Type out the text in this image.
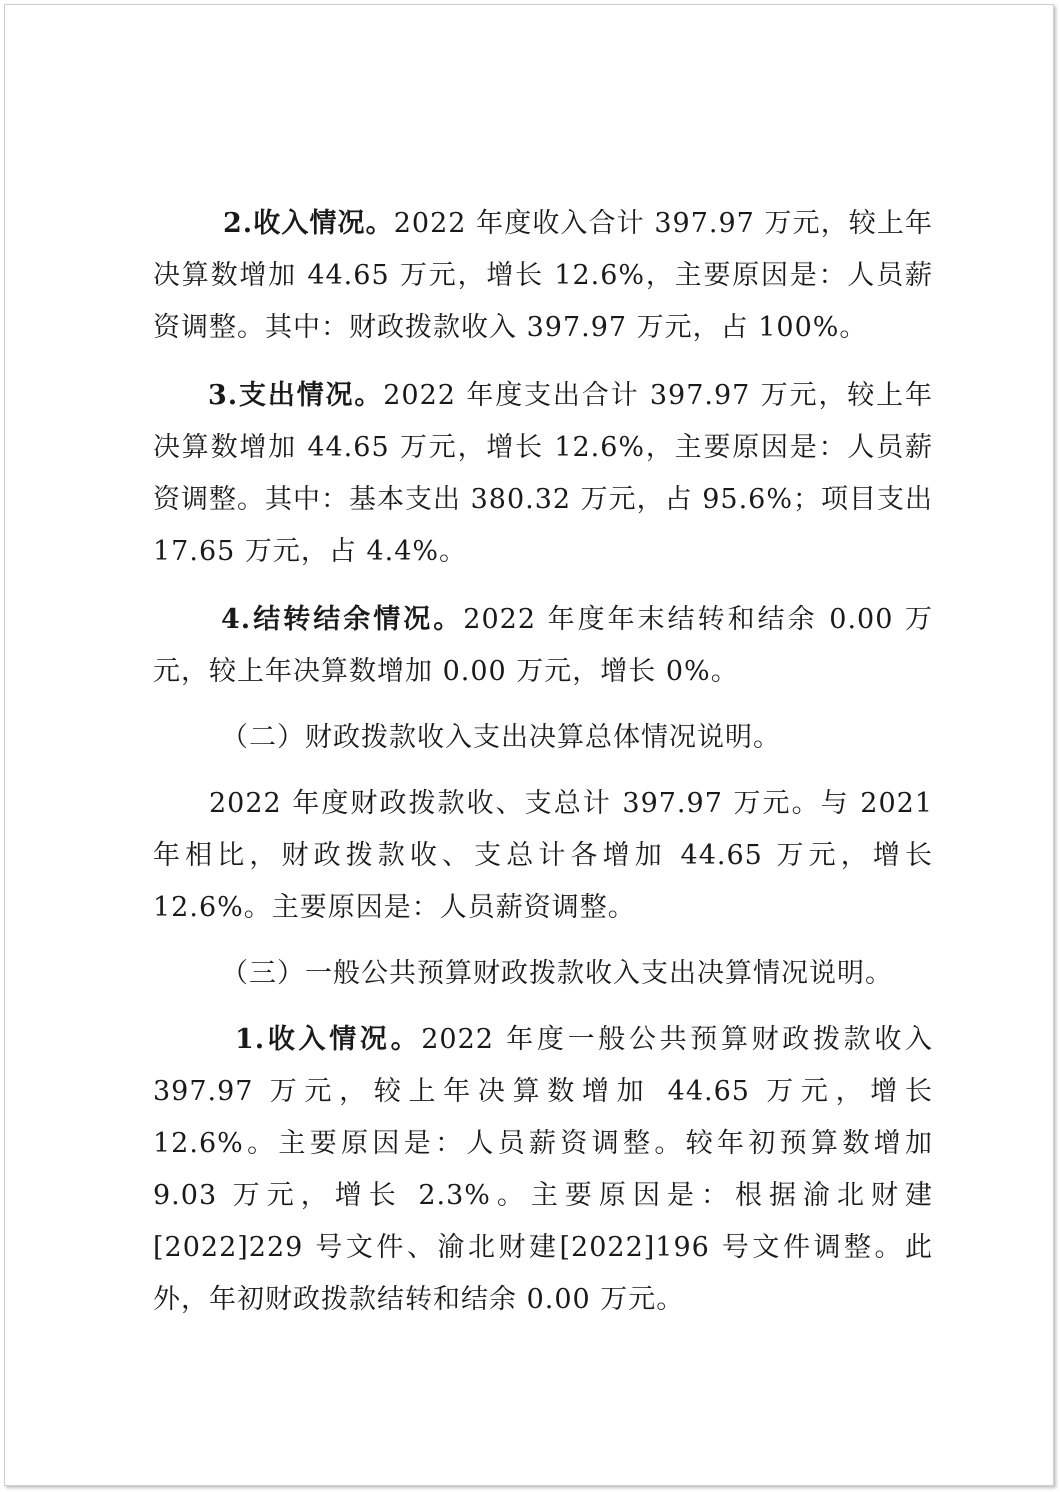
2.收入情况。2022 年度收入合计 397.97 万元，较上年决算数增加 44.65 万元，增长 12.6%，主要原因是：人员薪资调整。其中：财政拨款收入 397.97 万元，占 100%。

3.支出情况。2022 年度支出合计 397.97 万元，较上年决算数增加 44.65 万元，增长 12.6%，主要原因是：人员薪资调整。其中：基本支出 380.32 万元，占 95.6%；项目支出 17.65 万元，占 4.4%。

4.结转结余情况。2022 年度年末结转和结余 0.00 万元，较上年决算数增加 0.00 万元，增长 0%。

（二）财政拨款收入支出决算总体情况说明。

2022 年度财政拨款收、支总计 397.97 万元。与 2021 年相比，财政拨款收、支总计各增加 44.65 万元，增长 12.6%。主要原因是：人员薪资调整。

（三）一般公共预算财政拨款收入支出决算情况说明。

1.收入情况。2022 年度一般公共预算财政拨款收入 397.97 万元，较上年决算数增加 44.65 万元，增长 12.6%。主要原因是：人员薪资调整。较年初预算数增加 9.03 万元，增长 2.3%。主要原因是：根据渝北财建[2022]229 号文件、渝北财建[2022]196 号文件调整。此外，年初财政拨款结转和结余 0.00 万元。
